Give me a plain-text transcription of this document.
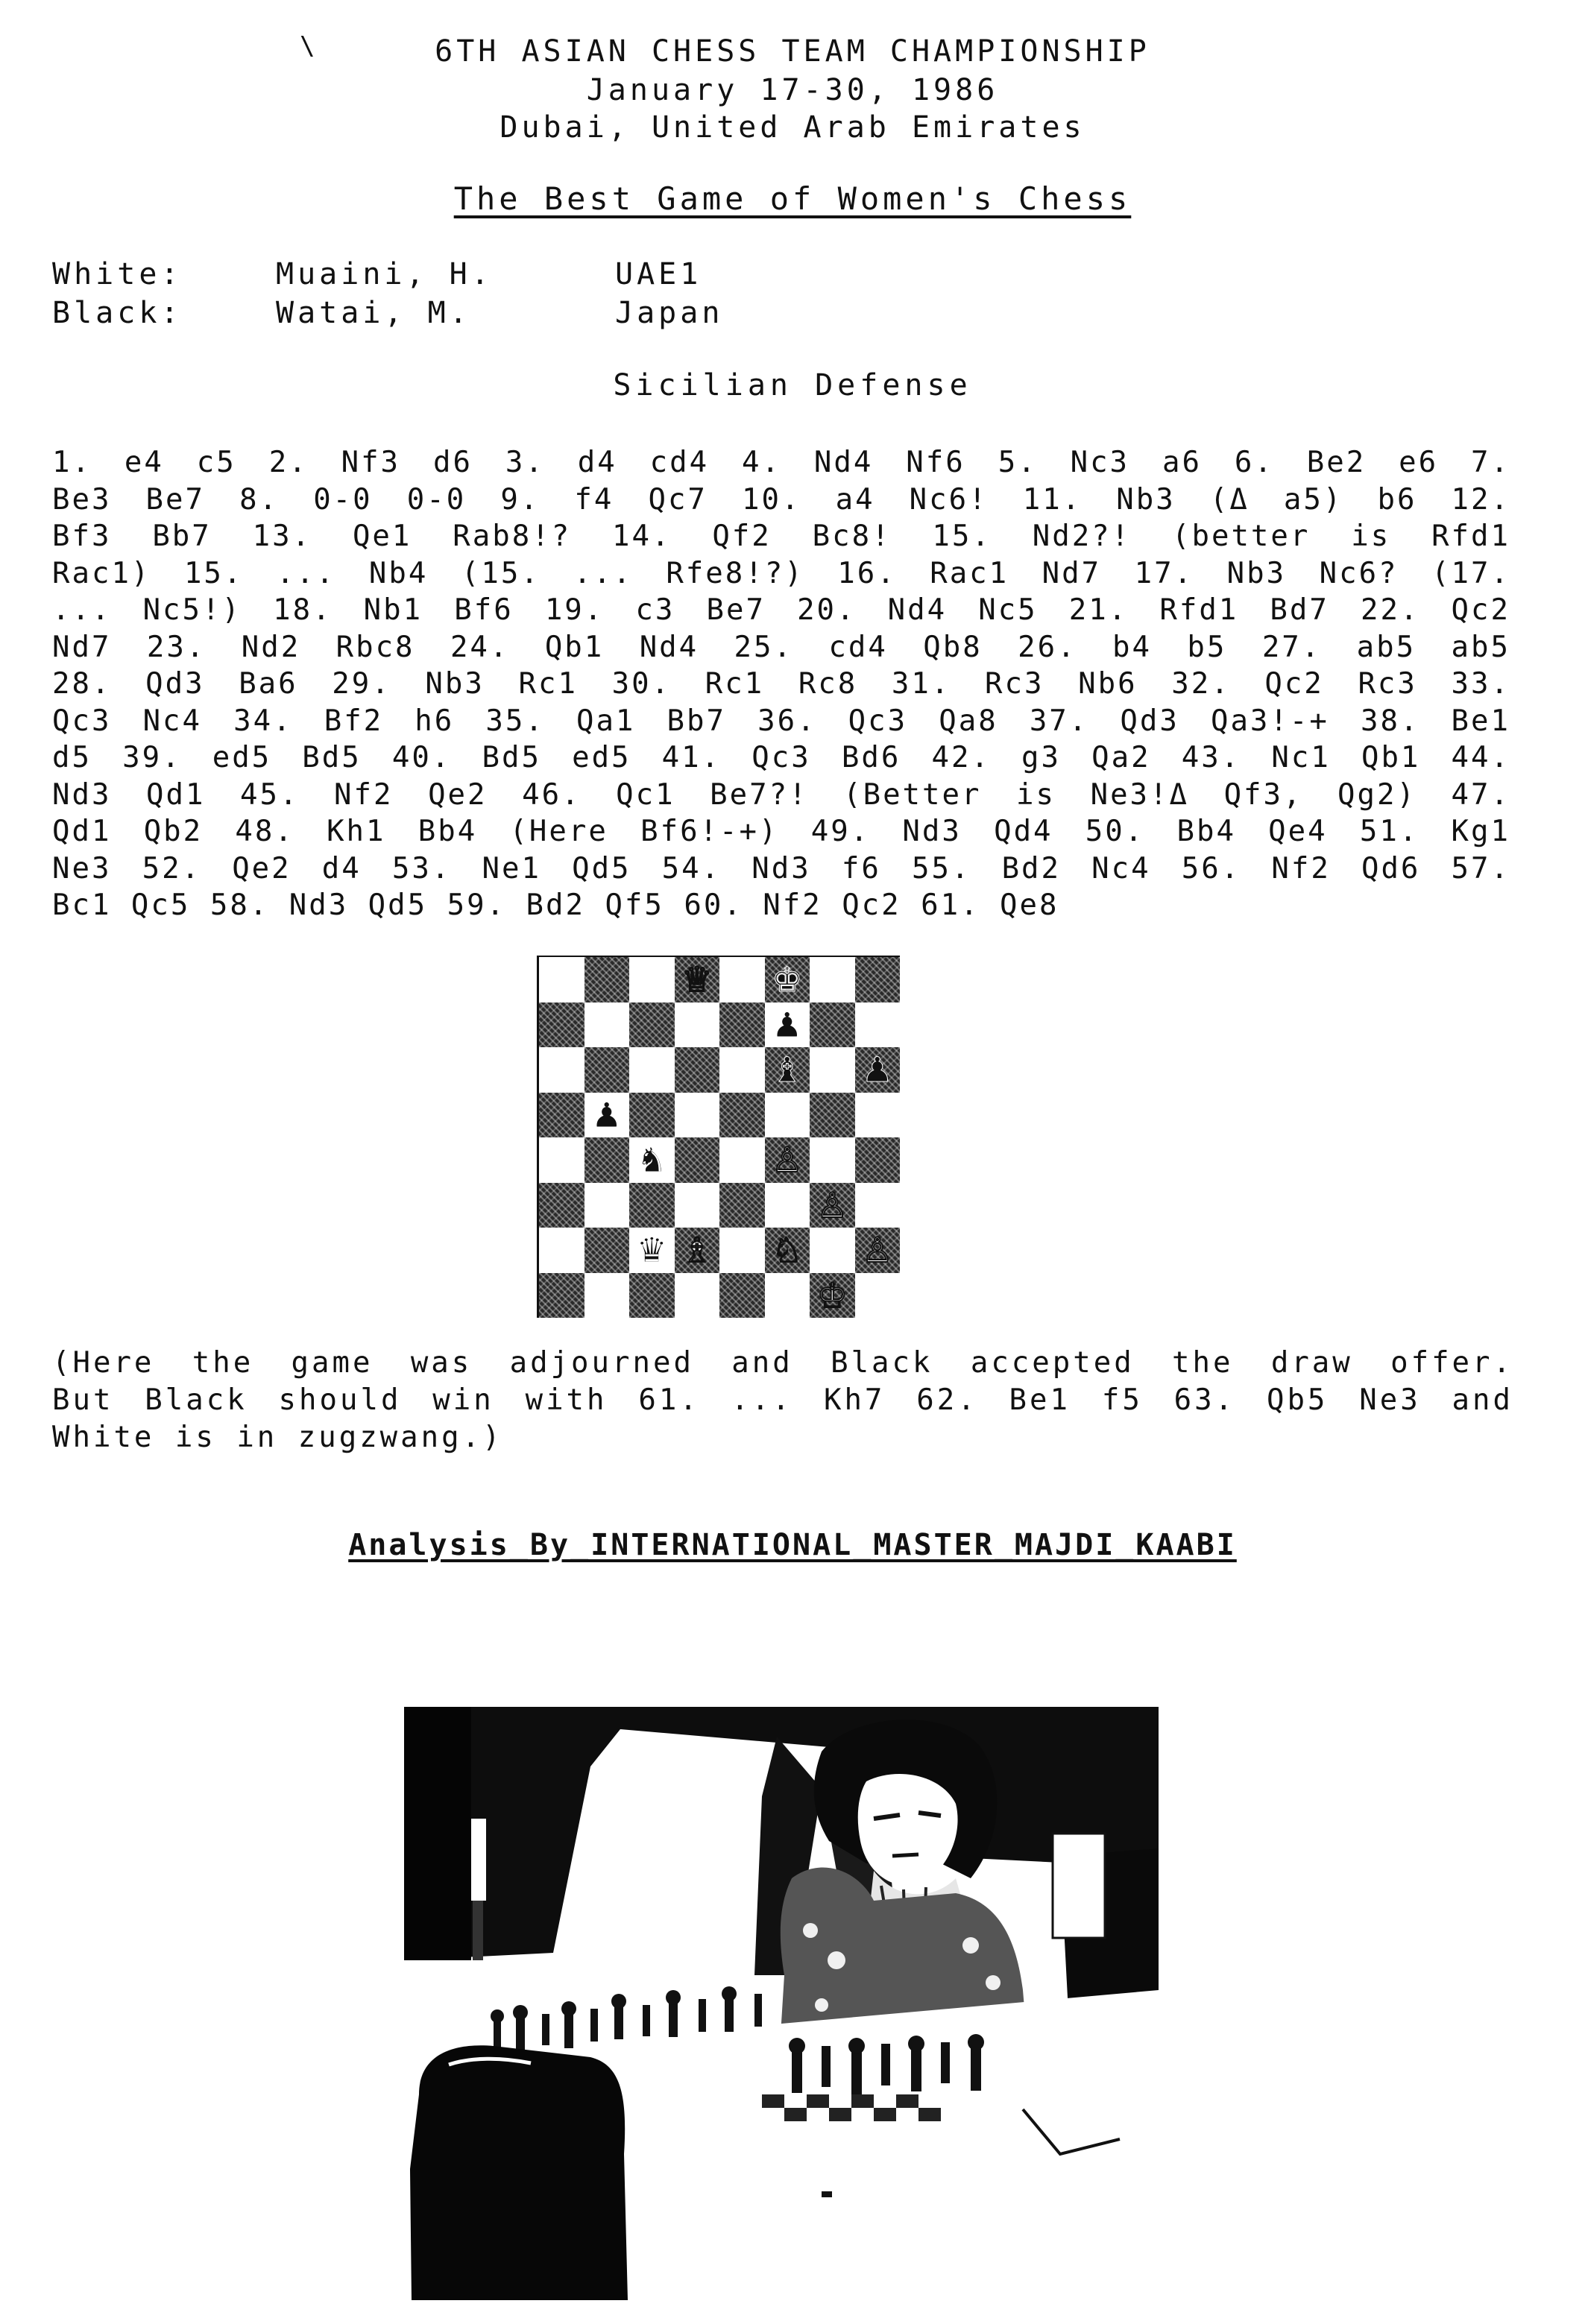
\	6TH ASIAN CHESS TEAM CHAMPIONSHIP
January 17-30, 1986
Dubai, United Arab Emirates
The Best Game of Women's Chess
White:	Muaini, H.	UAE1
Black:	Watai, M.	Japan
Sicilian Defense
1. e4 c5 2. Nf3 d6 3. d4 cd4 4. Nd4 Nf6 5. Nc3 a6 6. Be2 e6 7.
Be3 Be7 8. 0-0 0-0 9. f4 Qc7 10. a4 Nc6! 11. Nb3 (Δ a5) b6 12.
Bf3 Bb7 13. Qe1 Rab8!? 14. Qf2 Bc8! 15. Nd2?! (better is Rfd1
Rac1) 15. ... Nb4 (15. ... Rfe8!?) 16. Rac1 Nd7 17. Nb3 Nc6? (17.
... Nc5!) 18. Nb1 Bf6 19. c3 Be7 20. Nd4 Nc5 21. Rfd1 Bd7 22. Qc2
Nd7 23. Nd2 Rbc8 24. Qb1 Nd4 25. cd4 Qb8 26. b4 b5 27. ab5 ab5
28. Qd3 Ba6 29. Nb3 Rc1 30. Rc1 Rc8 31. Rc3 Nb6 32. Qc2 Rc3 33.
Qc3 Nc4 34. Bf2 h6 35. Qa1 Bb7 36. Qc3 Qa8 37. Qd3 Qa3!-+ 38. Be1
d5 39. ed5 Bd5 40. Bd5 ed5 41. Qc3 Bd6 42. g3 Qa2 43. Nc1 Qb1 44.
Nd3 Qd1 45. Nf2 Qe2 46. Qc1 Be7?! (Better is Ne3!Δ Qf3, Qg2) 47.
Qd1 Qb2 48. Kh1 Bb4 (Here Bf6!-+) 49. Nd3 Qd4 50. Bb4 Qe4 51. Kg1
Ne3 52. Qe2 d4 53. Ne1 Qd5 54. Nd3 f6 55. Bd2 Nc4 56. Nf2 Qd6 57.
Bc1 Qc5 58. Nd3 Qd5 59. Bd2 Qf5 60. Nf2 Qc2 61. Qe8
♕ ♚
♟
♝ ♟
♟
♞	♙
♙
♛ ♗ ♘ ♙
♔
(Here the game was adjourned and Black accepted the draw offer.
But Black should win with 61. ... Kh7 62. Be1 f5 63. Qb5 Ne3 and
White is in zugzwang.)
Analysis_By_INTERNATIONAL_MASTER_MAJDI_KAABI
